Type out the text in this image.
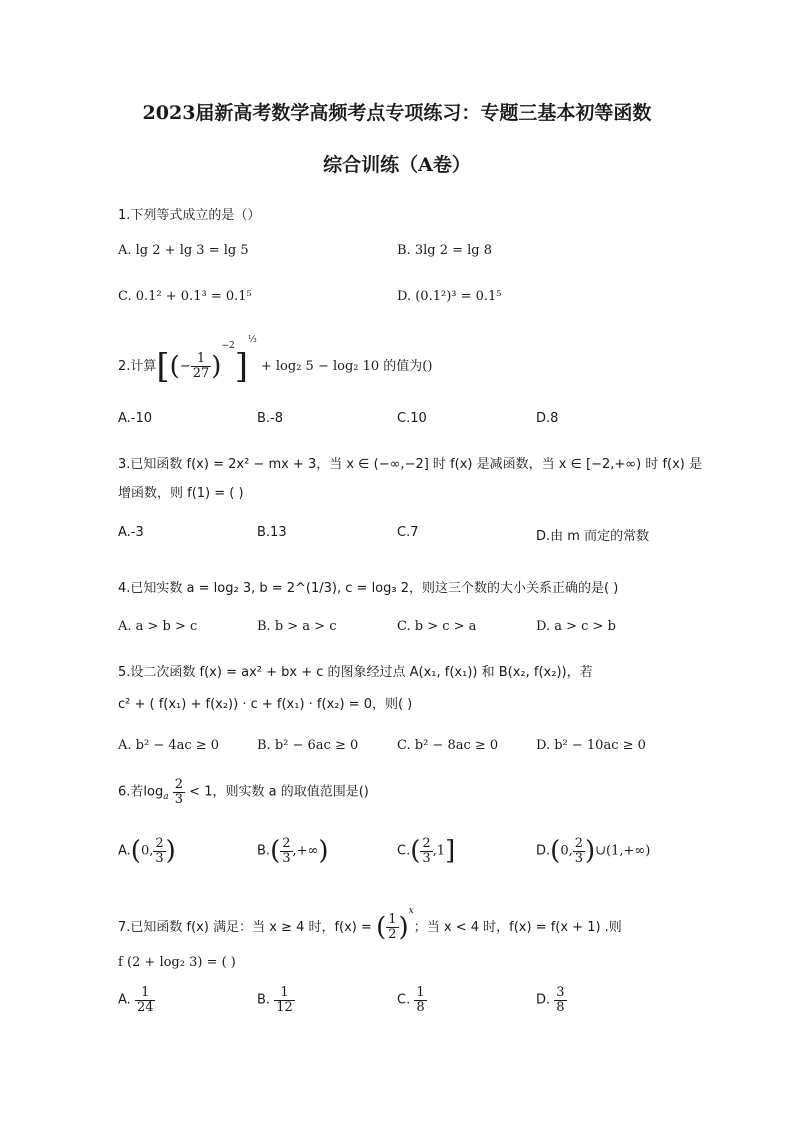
2023届新高考数学高频考点专项练习：专题三基本初等函数
综合训练（A卷）
1.下列等式成立的是（）
A. lg 2 + lg 3 = lg 5	B. 3lg 2 = lg 8
C. 0.1² + 0.1³ = 0.1⁵	D. (0.1²)³ = 0.1⁵
2.计算[(− $\frac{1}{27} )^{-2}]^{\frac{1}{3}} + \log_2$ 5 − log₂ 10 的值为()
A.-10	B.-8	C.10	D.8
3.已知函数 f(x) = 2x² − mx + 3，当 x ∈ (−∞,−2] 时 f(x) 是减函数，当 x ∈ [−2,+∞) 时 f(x) 是
增函数，则 f(1) = ( )
A.-3	B.13	C.7	D.由 m 而定的常数
4.已知实数 a = log₂ 3, b = 2^(1/3), c = log₃ 2，则这三个数的大小关系正确的是( )
A. a > b > c	B. b > a > c	C. b > c > a	D. a > c > b
5.设二次函数 f(x) = ax² + bx + c 的图象经过点 A(x₁, f(x₁)) 和 B(x₂, f(x₂))，若
c² + ( f(x₁) + f(x₂)) · c + f(x₁) · f(x₂) = 0，则( )
A. b² − 4ac ≥ 0	B. b² − 6ac ≥ 0	C. b² − 8ac ≥ 0	D. b² − 10ac ≥ 0
6.若$\log_a \frac{2}{3} < 1$，则实数 a 的取值范围是()
A.(0, $\frac{2}{3}$ )	$B.( \frac{2}{3}$ ,+∞)	$C.( \frac{2}{3} ,1]$	D.(0, $\frac{2}{3}$ )∪(1,+∞)
7.已知函数 f(x) 满足：当 x ≥ 4 时，f(x) = ( $\frac{1}{2} )^x$；当 x < 4 时，f(x) = f(x + 1) .则
f (2 + log₂ 3) = ( )
A. $\frac{1}{24}$	B. $\frac{1}{12}$	C. $\frac{1}{8}$	D. $\frac{3}{8}$
